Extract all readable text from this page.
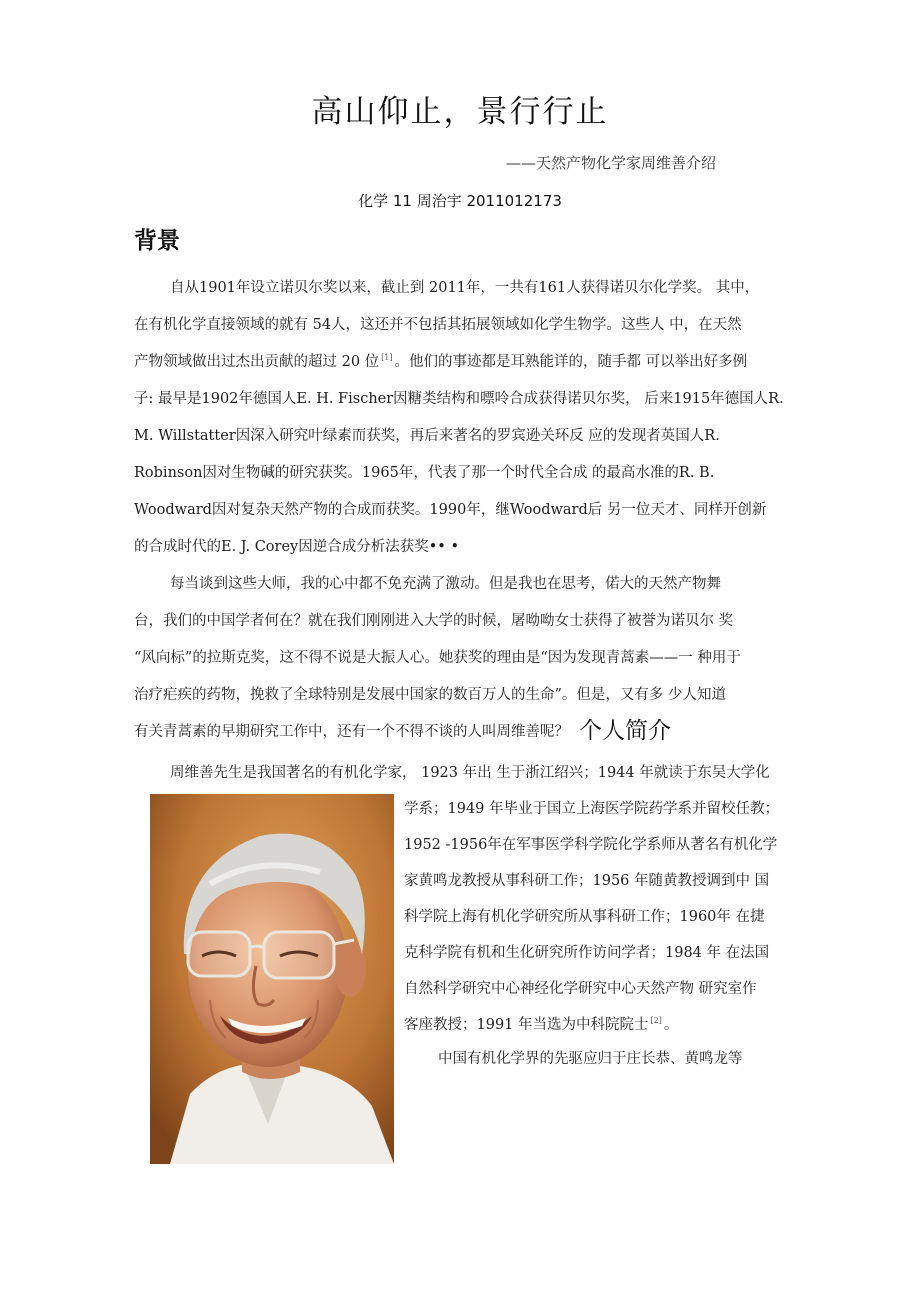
高山仰止，景行行止
——天然产物化学家周维善介绍
化学 11 周治宇 2011012173
背景
自从1901年设立诺贝尔奖以来，截止到 2011年，一共有161人获得诺贝尔化学奖。 其中，
在有机化学直接领域的就有 54人，这还并不包括其拓展领域如化学生物学。这些人 中，在天然
产物领域做出过杰出贡献的超过 20 位 [1] 。他们的事迹都是耳熟能详的，随手都 可以举出好多例
子: 最早是1902年德国人E. H. Fischer因糖类结构和嘌呤合成获得诺贝尔奖， 后来1915年德国人R.
M. Willstatter因深入研究叶绿素而获奖，再后来著名的罗宾逊关环反 应的发现者英国人R.
Robinson因对生物碱的研究获奖。1965年，代表了那一个时代全合成 的最高水准的R. B.
Woodward因对复杂天然产物的合成而获奖。1990年，继Woodward后 另一位天才、同样开创新
的合成时代的E. J. Corey因逆合成分析法获奖•• •
每当谈到这些大师，我的心中都不免充满了激动。但是我也在思考，偌大的天然产物舞
台，我们的中国学者何在？就在我们刚刚进入大学的时候，屠呦呦女士获得了被誉为诺贝尔 奖
“风向标”的拉斯克奖，这不得不说是大振人心。她获奖的理由是“因为发现青蒿素——一 种用于
治疗疟疾的药物，挽救了全球特别是发展中国家的数百万人的生命”。但是，又有多 少人知道
有关青蒿素的早期研究工作中，还有一个不得不谈的人叫周维善呢？ 个人简介
周维善先生是我国著名的有机化学家， 1923 年出 生于浙江绍兴；1944 年就读于东吴大学化
学系；1949 年毕业于国立上海医学院药学系并留校任教；
1952 -1956年在军事医学科学院化学系师从著名有机化学
家黄鸣龙教授从事科研工作；1956 年随黄教授调到中 国
科学院上海有机化学研究所从事科研工作；1960年 在捷
克科学院有机和生化研究所作访问学者；1984 年 在法国
自然科学研究中心神经化学研究中心天然产物 研究室作
客座教授；1991 年当选为中科院院士 [2] 。
中国有机化学界的先驱应归于庄长恭、黄鸣龙等
